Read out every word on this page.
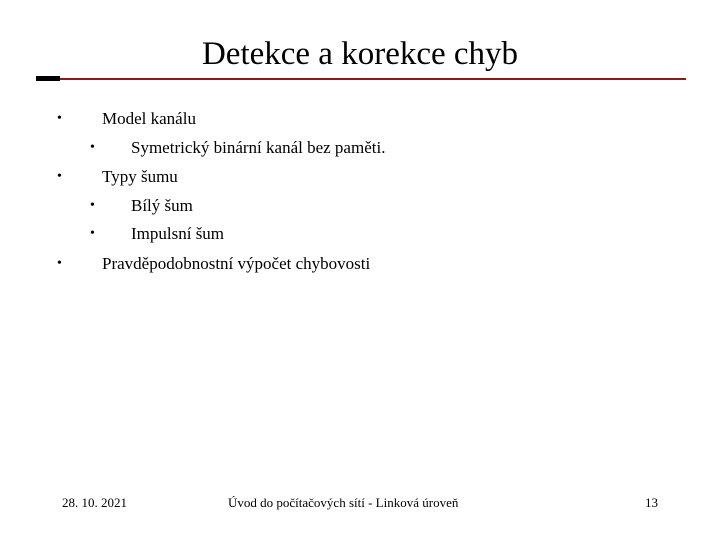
Detekce a korekce chyb
• Model kanálu
• Symetrický binární kanál bez paměti.
• Typy šumu
• Bílý šum
• Impulsní šum
• Pravděpodobnostní výpočet chybovosti
28. 10. 2021	Úvod do počítačových sítí - Linková úroveň	13
